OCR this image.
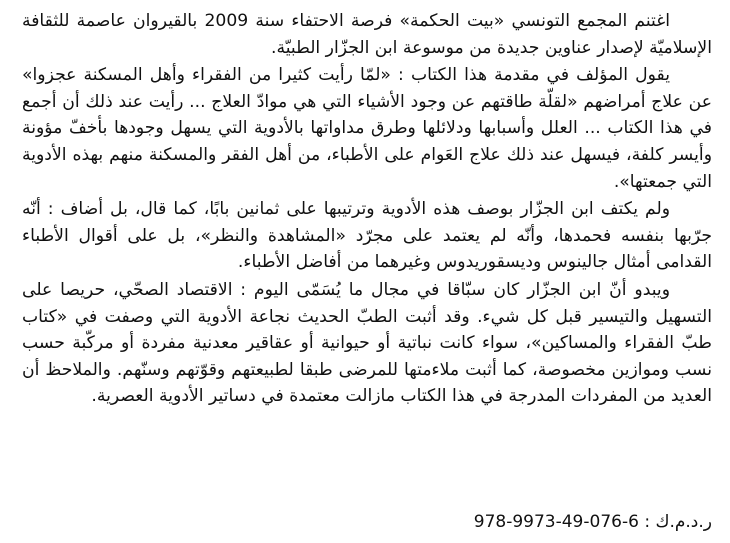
اغتنم المجمع التونسي «بيت الحكمة» فرصة الاحتفاء سنة 2009 بالقيروان عاصمة للثقافة الإسلاميّة لإصدار عناوين جديدة من موسوعة ابن الجزّار الطبيّة.

يقول المؤلف في مقدمة هذا الكتاب : «لمّا رأيت كثيرا من الفقراء وأهل المسكنة عجزوا» عن علاج أمراضهم «لقلّة طاقتهم عن وجود الأشياء التي هي موادّ العلاج ... رأيت عند ذلك أن أجمع في هذا الكتاب ... العلل وأسبابها ودلائلها وطرق مداواتها بالأدوية التي يسهل وجودها بأخفّ مؤونة وأيسر كلفة، فيسهل عند ذلك علاج العَوام على الأطباء، من أهل الفقر والمسكنة منهم بهذه الأدوية التي جمعتها».

ولم يكتف ابن الجزّار بوصف هذه الأدوية وترتيبها على ثمانين بابًا، كما قال، بل أضاف : أنّه جرّبها بنفسه فحمدها، وأنّه لم يعتمد على مجرّد «المشاهدة والنظر»، بل على أقوال الأطباء القدامى أمثال جالينوس وديسقوريدوس وغيرهما من أفاضل الأطباء.

ويبدو أنّ ابن الجزّار كان سبّاقا في مجال ما يُسَمّى اليوم : الاقتصاد الصحّي، حريصا على التسهيل والتيسير قبل كل شيء. وقد أثبت الطبّ الحديث نجاعة الأدوية التي وصفت في «كتاب طبّ الفقراء والمساكين»، سواء كانت نباتية أو حيوانية أو عقاقير معدنية مفردة أو مركّبة حسب نسب وموازين مخصوصة، كما أثبت ملاءمتها للمرضى طبقا لطبيعتهم وقوّتهم وسنّهم. والملاحظ أن العديد من المفردات المدرجة في هذا الكتاب مازالت معتمدة في دساتير الأدوية العصرية.

ر.د.م.ك : 978-9973-49-076-6
